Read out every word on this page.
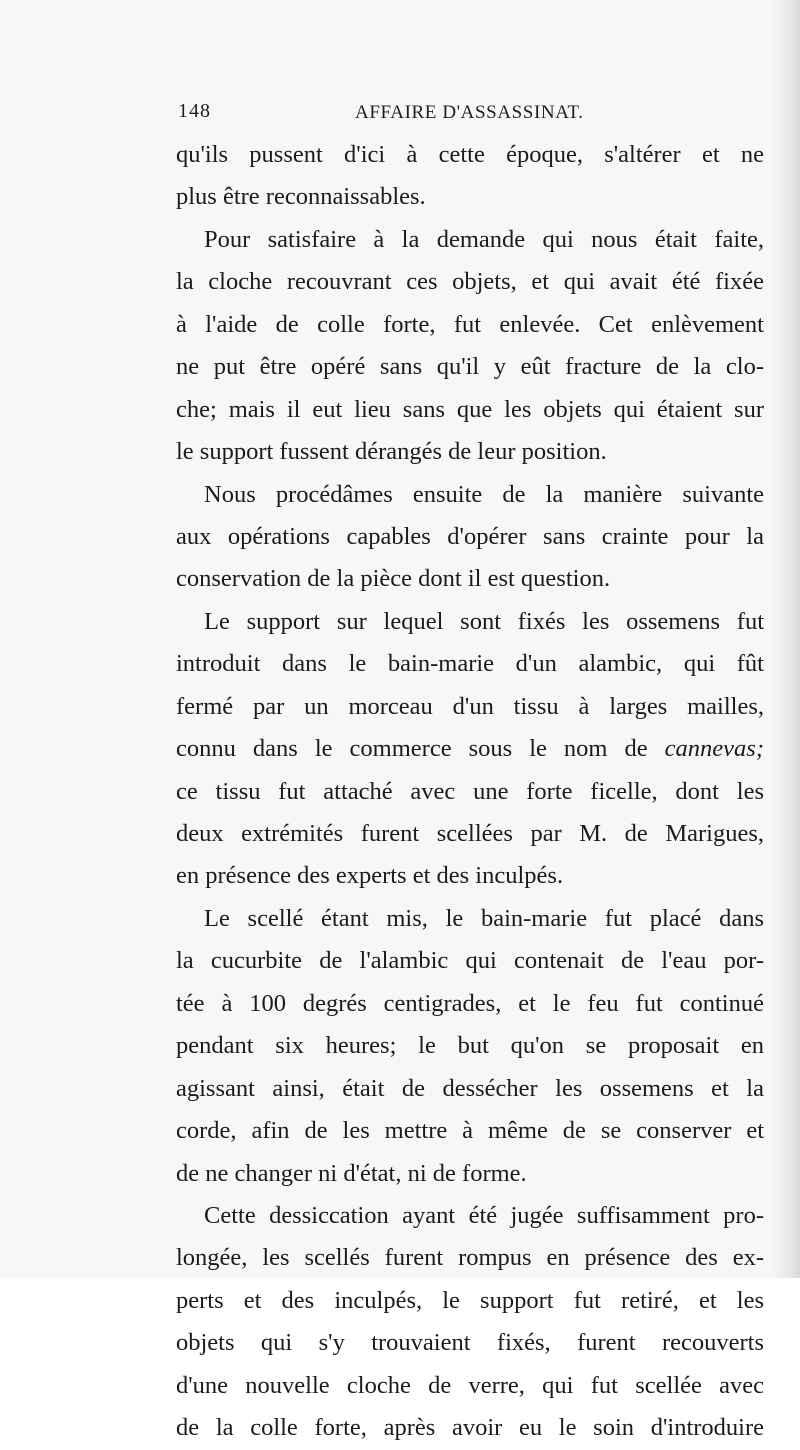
148	AFFAIRE D'ASSASSINAT.
qu'ils pussent d'ici à cette époque, s'altérer et ne
plus être reconnaissables.
Pour satisfaire à la demande qui nous était faite,
la cloche recouvrant ces objets, et qui avait été fixée
à l'aide de colle forte, fut enlevée. Cet enlèvement
ne put être opéré sans qu'il y eût fracture de la clo-
che; mais il eut lieu sans que les objets qui étaient sur
le support fussent dérangés de leur position.
Nous procédâmes ensuite de la manière suivante
aux opérations capables d'opérer sans crainte pour la
conservation de la pièce dont il est question.
Le support sur lequel sont fixés les ossemens fut
introduit dans le bain-marie d'un alambic, qui fût
fermé par un morceau d'un tissu à larges mailles,
connu dans le commerce sous le nom de cannevas;
ce tissu fut attaché avec une forte ficelle, dont les
deux extrémités furent scellées par M. de Marigues,
en présence des experts et des inculpés.
Le scellé étant mis, le bain-marie fut placé dans
la cucurbite de l'alambic qui contenait de l'eau por-
tée à 100 degrés centigrades, et le feu fut continué
pendant six heures; le but qu'on se proposait en
agissant ainsi, était de dessécher les ossemens et la
corde, afin de les mettre à même de se conserver et
de ne changer ni d'état, ni de forme.
Cette dessiccation ayant été jugée suffisamment pro-
longée, les scellés furent rompus en présence des ex-
perts et des inculpés, le support fut retiré, et les
objets qui s'y trouvaient fixés, furent recouverts
d'une nouvelle cloche de verre, qui fut scellée avec
de la colle forte, après avoir eu le soin d'introduire
